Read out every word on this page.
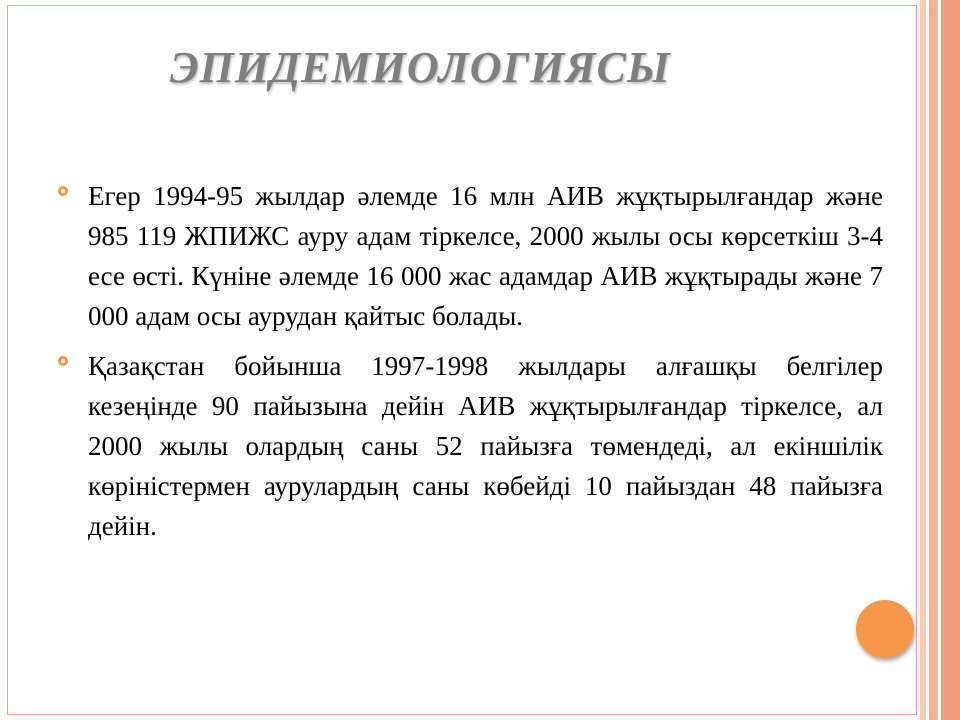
ЭПИДЕМИОЛОГИЯСЫ

Егер 1994-95 жылдар әлемде 16 млн АИВ жұқтырылғандар және 985 119 ЖПИЖС ауру адам тіркелсе, 2000 жылы осы көрсеткіш 3-4 есе өсті. Күніне әлемде 16 000 жас адамдар АИВ жұқтырады және 7 000 адам осы аурудан қайтыс болады.

Қазақстан бойынша 1997-1998 жылдары алғашқы белгілер кезеңінде 90 пайызына дейін АИВ жұқтырылғандар тіркелсе, ал 2000 жылы олардың саны 52 пайызға төмендеді, ал екіншілік көріністермен аурулардың саны көбейді 10 пайыздан 48 пайызға дейін.
